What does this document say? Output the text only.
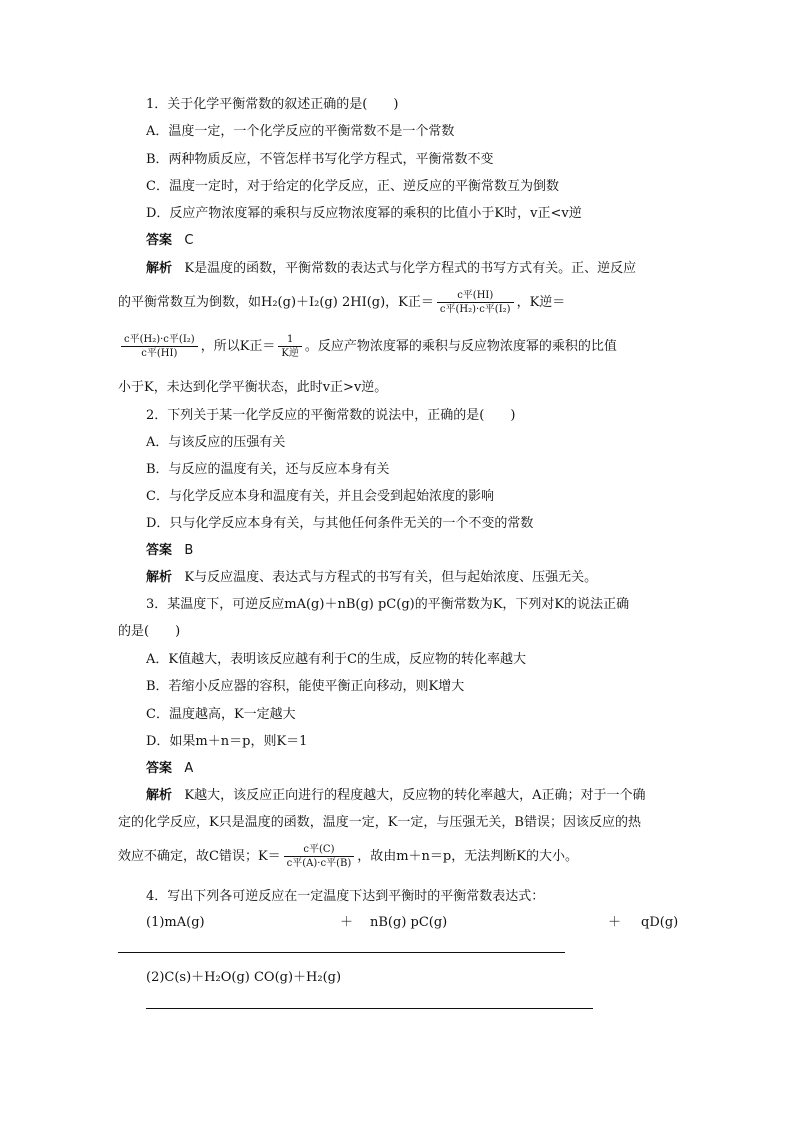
1．关于化学平衡常数的叙述正确的是(　　)
A．温度一定，一个化学反应的平衡常数不是一个常数
B．两种物质反应，不管怎样书写化学方程式，平衡常数不变
C．温度一定时，对于给定的化学反应，正、逆反应的平衡常数互为倒数
D．反应产物浓度幂的乘积与反应物浓度幂的乘积的比值小于K时，v正<v逆
答案 C
解析 K是温度的函数，平衡常数的表达式与化学方程式的书写方式有关。正、逆反应
的平衡常数互为倒数，如H₂(g)＋I₂(g) 2HI(g)，K正＝ $\frac{\text{c平(HI)}}{\text{c平(H₂)·c平(I₂)}}$ ，K逆＝
$\frac{\text{c平(H₂)·c平(I₂)}}{\text{c平(HI)}}$ ，所以K正＝ $\frac{1}{\text{K逆}}$ 。反应产物浓度幂的乘积与反应物浓度幂的乘积的比值
小于K，未达到化学平衡状态，此时v正>v逆。
2．下列关于某一化学反应的平衡常数的说法中，正确的是(　　)
A．与该反应的压强有关
B．与反应的温度有关，还与反应本身有关
C．与化学反应本身和温度有关，并且会受到起始浓度的影响
D．只与化学反应本身有关，与其他任何条件无关的一个不变的常数
答案 B
解析 K与反应温度、表达式与方程式的书写有关，但与起始浓度、压强无关。
3．某温度下，可逆反应mA(g)＋nB(g) pC(g)的平衡常数为K，下列对K的说法正确
的是(　　)
A．K值越大，表明该反应越有利于C的生成，反应物的转化率越大
B．若缩小反应器的容积，能使平衡正向移动，则K增大
C．温度越高，K一定越大
D．如果m＋n＝p，则K＝1
答案 A
解析 K越大，该反应正向进行的程度越大，反应物的转化率越大，A正确；对于一个确
定的化学反应，K只是温度的函数，温度一定，K一定，与压强无关，B错误；因该反应的热
效应不确定，故C错误；$K= \frac{\text{c平(C)}}{\text{c平(A)·c平(B)}}$ ，故由m＋n＝p，无法判断K的大小。
4．写出下列各可逆反应在一定温度下达到平衡时的平衡常数表达式：
(1)mA(g)	＋ nB(g) pC(g)	＋ qD(g)
(2)C(s)＋H₂O(g) CO(g)＋H₂(g)
